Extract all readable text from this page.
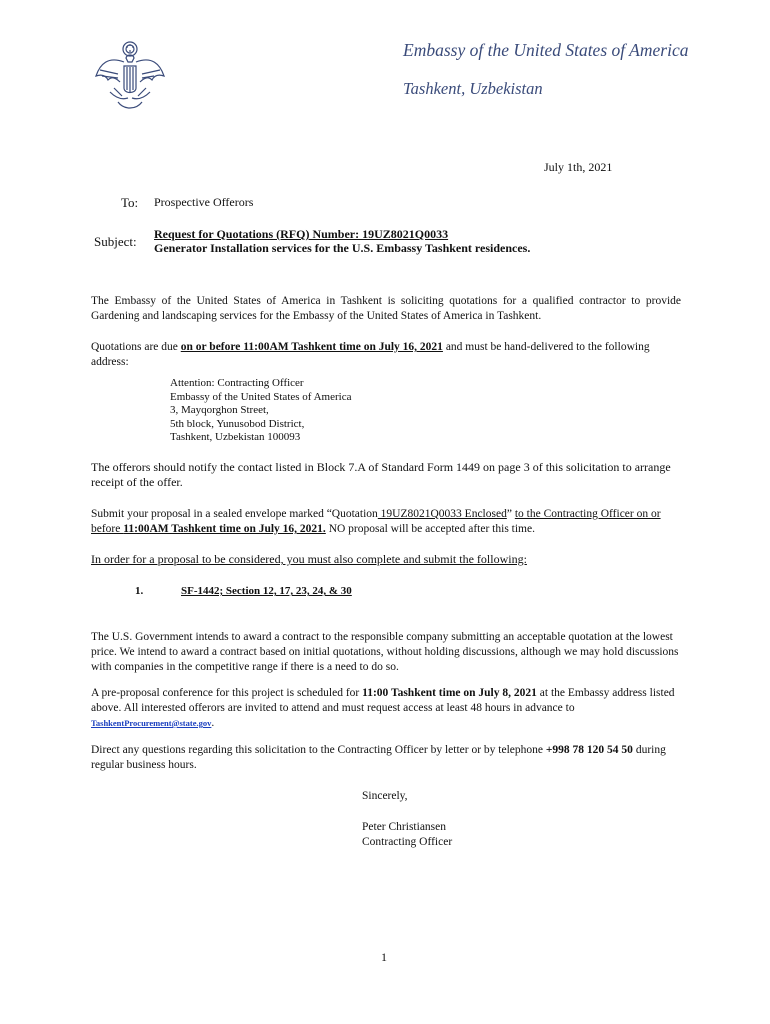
Embassy of the United States of America
Tashkent, Uzbekistan
July 1th, 2021
To: Prospective Offerors
Subject: Request for Quotations (RFQ) Number: 19UZ8021Q0033
Generator Installation services for the U.S. Embassy Tashkent residences.
The Embassy of the United States of America in Tashkent is soliciting quotations for a qualified contractor to provide Gardening and landscaping services for the Embassy of the United States of America in Tashkent.
Quotations are due on or before 11:00AM Tashkent time on July 16, 2021 and must be hand-delivered to the following address:
Attention: Contracting Officer
Embassy of the United States of America
3, Mayqorghon Street,
5th block, Yunusobod District,
Tashkent, Uzbekistan 100093
The offerors should notify the contact listed in Block 7.A of Standard Form 1449 on page 3 of this solicitation to arrange receipt of the offer.
Submit your proposal in a sealed envelope marked “Quotation 19UZ8021Q0033 Enclosed” to the Contracting Officer on or before 11:00AM Tashkent time on July 16, 2021. NO proposal will be accepted after this time.
In order for a proposal to be considered, you must also complete and submit the following:
1.	SF-1442; Section 12, 17, 23, 24, & 30
The U.S. Government intends to award a contract to the responsible company submitting an acceptable quotation at the lowest price. We intend to award a contract based on initial quotations, without holding discussions, although we may hold discussions with companies in the competitive range if there is a need to do so.
A pre-proposal conference for this project is scheduled for 11:00 Tashkent time on July 8, 2021 at the Embassy address listed above. All interested offerors are invited to attend and must request access at least 48 hours in advance to TashkentProcurement@state.gov.
Direct any questions regarding this solicitation to the Contracting Officer by letter or by telephone +998 78 120 54 50 during regular business hours.
Sincerely,
Peter Christiansen
Contracting Officer
1
